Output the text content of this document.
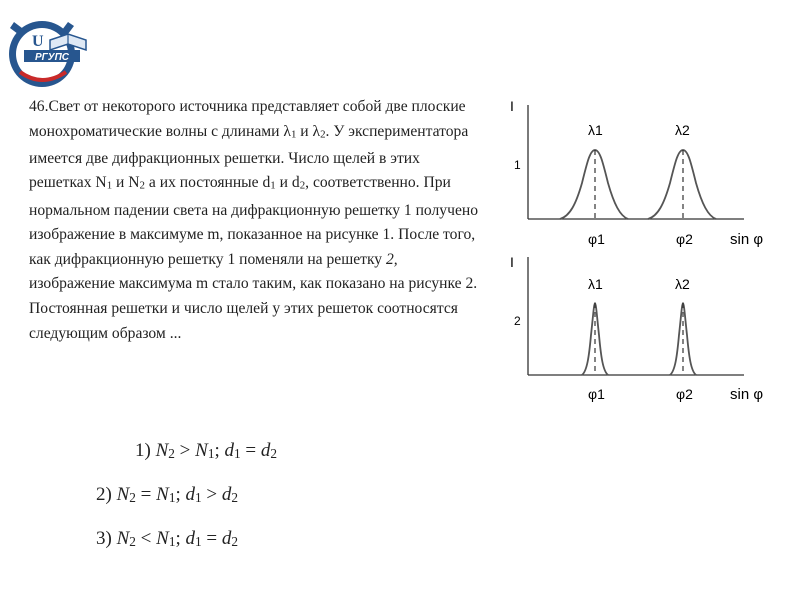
РГУПС
U

46.Свет от некоторого источника представляет собой две плоские монохроматические волны с длинами $\lambda_1$ и $\lambda_2$. У экспериментатора имеется две дифракционных решетки. Число щелей в этих решетках $N_1$ и $N_2$ а их постоянные $d_1$ и $d_2$, соответственно. При нормальном падении света на дифракционную решетку 1 получено изображение в максимуме m, показанное на рисунке 1. После того, как дифракционную решетку 1 поменяли на решетку 2, изображение максимума m стало таким, как показано на рисунке 2. Постоянная решетки и число щелей у этих решеток соотносятся следующим образом ...

I
1
λ1	λ2
φ1	φ2 sin φ
I
2
λ1	λ2
φ1	φ2 sin φ
1) $N_2 > N_1$; $d_1 = d_2$
2) $N_2 = N_1$; $d_1 > d_2$
3) $N_2 < N_1$; $d_1 = d_2$
